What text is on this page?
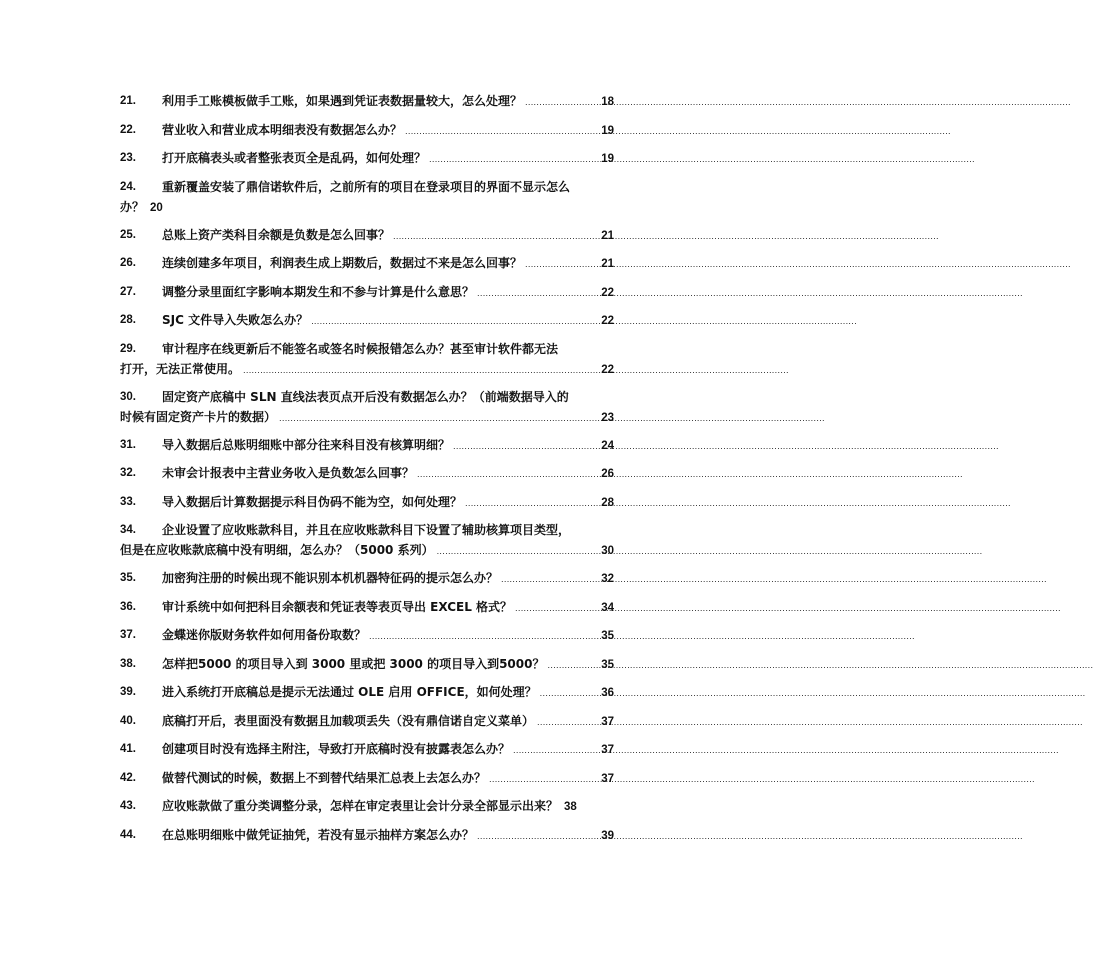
21.	利用手工账模板做手工账，如果遇到凭证表数据量较大，怎么处理？ .....	18
22.	营业收入和营业成本明细表没有数据怎么办？ .....	19
23.	打开底稿表头或者整张表页全是乱码，如何处理？ .....	19
24.	重新覆盖安装了鼎信诺软件后，之前所有的项目在登录项目的界面不显示怎么
办？ 20
25.	总账上资产类科目余额是负数是怎么回事？ .....	21
26.	连续创建多年项目，利润表生成上期数后，数据过不来是怎么回事？ .....	21
27.	调整分录里面红字影响本期发生和不参与计算是什么意思？ .....	22
28.	SJC 文件导入失败怎么办？ .....	22
29.	审计程序在线更新后不能签名或签名时候报错怎么办？甚至审计软件都无法
打开，无法正常使用。 .....	22
30.	固定资产底稿中 SLN 直线法表页点开后没有数据怎么办？（前端数据导入的
时候有固定资产卡片的数据） .....	23
31.	导入数据后总账明细账中部分往来科目没有核算明细？ .....	24
32.	未审会计报表中主营业务收入是负数怎么回事？ .....	26
33.	导入数据后计算数据提示科目伪码不能为空，如何处理？ .....	28
34.	企业设置了应收账款科目，并且在应收账款科目下设置了辅助核算项目类型，
但是在应收账款底稿中没有明细，怎么办？（5000 系列） .....	30
35.	加密狗注册的时候出现不能识别本机机器特征码的提示怎么办？ .....	32
36.	审计系统中如何把科目余额表和凭证表等表页导出 EXCEL 格式？ .....	34
37.	金蝶迷你版财务软件如何用备份取数？ .....	35
38.	怎样把5000 的项目导入到 3000 里或把 3000 的项目导入到5000？ .....	35
39.	进入系统打开底稿总是提示无法通过 OLE 启用 OFFICE，如何处理？ .....	36
40.	底稿打开后，表里面没有数据且加载项丢失（没有鼎信诺自定义菜单） .....	37
41.	创建项目时没有选择主附注，导致打开底稿时没有披露表怎么办？ .....	37
42.	做替代测试的时候，数据上不到替代结果汇总表上去怎么办？ .....	37
43.	应收账款做了重分类调整分录，怎样在审定表里让会计分录全部显示出来？ 38
44.	在总账明细账中做凭证抽凭，若没有显示抽样方案怎么办？ .....	39
